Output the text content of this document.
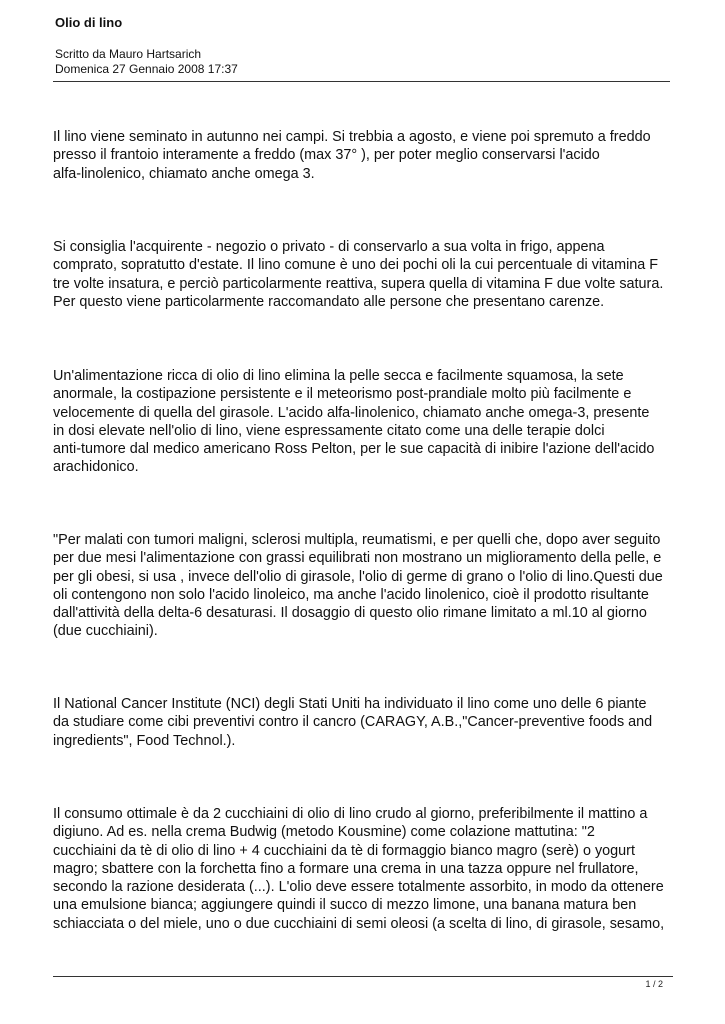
Olio di lino
Scritto da Mauro Hartsarich
Domenica 27 Gennaio 2008 17:37
Il lino viene seminato in autunno nei campi. Si trebbia a agosto, e viene poi spremuto a freddo
presso il frantoio interamente a freddo (max 37° ), per poter meglio conservarsi l'acido
alfa-linolenico, chiamato anche omega 3.
Si consiglia l'acquirente - negozio o privato - di conservarlo a sua volta in frigo, appena
comprato, sopratutto d'estate. Il lino comune è uno dei pochi oli la cui percentuale di vitamina F
tre volte insatura, e perciò particolarmente reattiva, supera quella di vitamina F due volte satura.
Per questo viene particolarmente raccomandato alle persone che presentano carenze.
Un'alimentazione ricca di olio di lino elimina la pelle secca e facilmente squamosa, la sete
anormale, la costipazione persistente e il meteorismo post-prandiale molto più facilmente e
velocemente di quella del girasole. L'acido alfa-linolenico, chiamato anche omega-3, presente
in dosi elevate nell'olio di lino, viene espressamente citato come una delle terapie dolci
anti-tumore dal medico americano Ross Pelton, per le sue capacità di inibire l'azione dell'acido
arachidonico.
"Per malati con tumori maligni, sclerosi multipla, reumatismi, e per quelli che, dopo aver seguito
per due mesi l'alimentazione con grassi equilibrati non mostrano un miglioramento della pelle, e
per gli obesi, si usa , invece dell'olio di girasole, l'olio di germe di grano o l'olio di lino.Questi due
oli contengono non solo l'acido linoleico, ma anche l'acido linolenico, cioè il prodotto risultante
dall'attività della delta-6 desaturasi. Il dosaggio di questo olio rimane limitato a ml.10 al giorno
(due cucchiaini).
Il National Cancer Institute (NCI) degli Stati Uniti ha individuato il lino come uno delle 6 piante
da studiare come cibi preventivi contro il cancro (CARAGY, A.B.,"Cancer-preventive foods and
ingredients", Food Technol.).
Il consumo ottimale è da 2 cucchiaini di olio di lino crudo al giorno, preferibilmente il mattino a
digiuno. Ad es. nella crema Budwig (metodo Kousmine) come colazione mattutina: "2
cucchiaini da tè di olio di lino + 4 cucchiaini da tè di formaggio bianco magro (serè) o yogurt
magro; sbattere con la forchetta fino a formare una crema in una tazza oppure nel frullatore,
secondo la razione desiderata (...). L'olio deve essere totalmente assorbito, in modo da ottenere
una emulsione bianca; aggiungere quindi il succo di mezzo limone, una banana matura ben
schiacciata o del miele, uno o due cucchiaini di semi oleosi (a scelta di lino, di girasole, sesamo,
1 / 2
